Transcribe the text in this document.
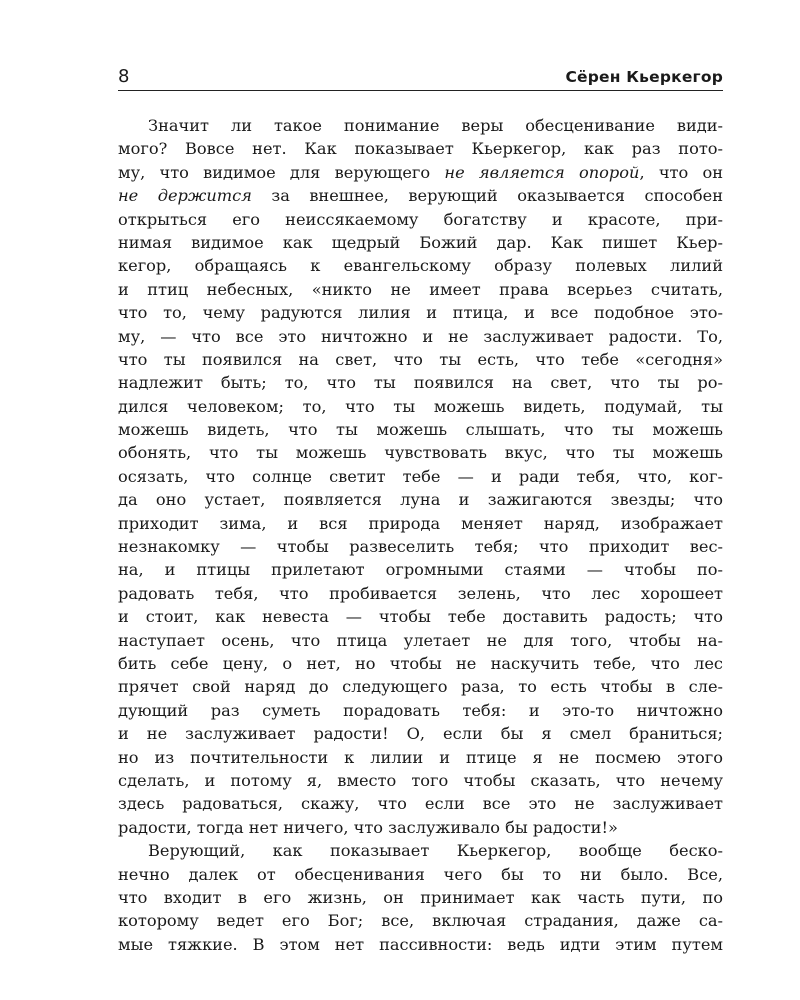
8	Сёрен Кьеркегор
Значит ли такое понимание веры обесценивание види-
мого? Вовсе нет. Как показывает Кьеркегор, как раз пото-
му, что видимое для верующего не является опорой, что он
не держится за внешнее, верующий оказывается способен
открыться его неиссякаемому богатству и красоте, при-
нимая видимое как щедрый Божий дар. Как пишет Кьер-
кегор, обращаясь к евангельскому образу полевых лилий
и птиц небесных, «никто не имеет права всерьез считать,
что то, чему радуются лилия и птица, и все подобное это-
му, — что все это ничтожно и не заслуживает радости. То,
что ты появился на свет, что ты есть, что тебе «сегодня»
надлежит быть; то, что ты появился на свет, что ты ро-
дился человеком; то, что ты можешь видеть, подумай, ты
можешь видеть, что ты можешь слышать, что ты можешь
обонять, что ты можешь чувствовать вкус, что ты можешь
осязать, что солнце светит тебе — и ради тебя, что, ког-
да оно устает, появляется луна и зажигаются звезды; что
приходит зима, и вся природа меняет наряд, изображает
незнакомку — чтобы развеселить тебя; что приходит вес-
на, и птицы прилетают огромными стаями — чтобы по-
радовать тебя, что пробивается зелень, что лес хорошеет
и стоит, как невеста — чтобы тебе доставить радость; что
наступает осень, что птица улетает не для того, чтобы на-
бить себе цену, о нет, но чтобы не наскучить тебе, что лес
прячет свой наряд до следующего раза, то есть чтобы в сле-
дующий раз суметь порадовать тебя: и это-то ничтожно
и не заслуживает радости! О, если бы я смел браниться;
но из почтительности к лилии и птице я не посмею этого
сделать, и потому я, вместо того чтобы сказать, что нечему
здесь радоваться, скажу, что если все это не заслуживает
радости, тогда нет ничего, что заслуживало бы радости!»
Верующий, как показывает Кьеркегор, вообще беско-
нечно далек от обесценивания чего бы то ни было. Все,
что входит в его жизнь, он принимает как часть пути, по
которому ведет его Бог; все, включая страдания, даже са-
мые тяжкие. В этом нет пассивности: ведь идти этим путем
